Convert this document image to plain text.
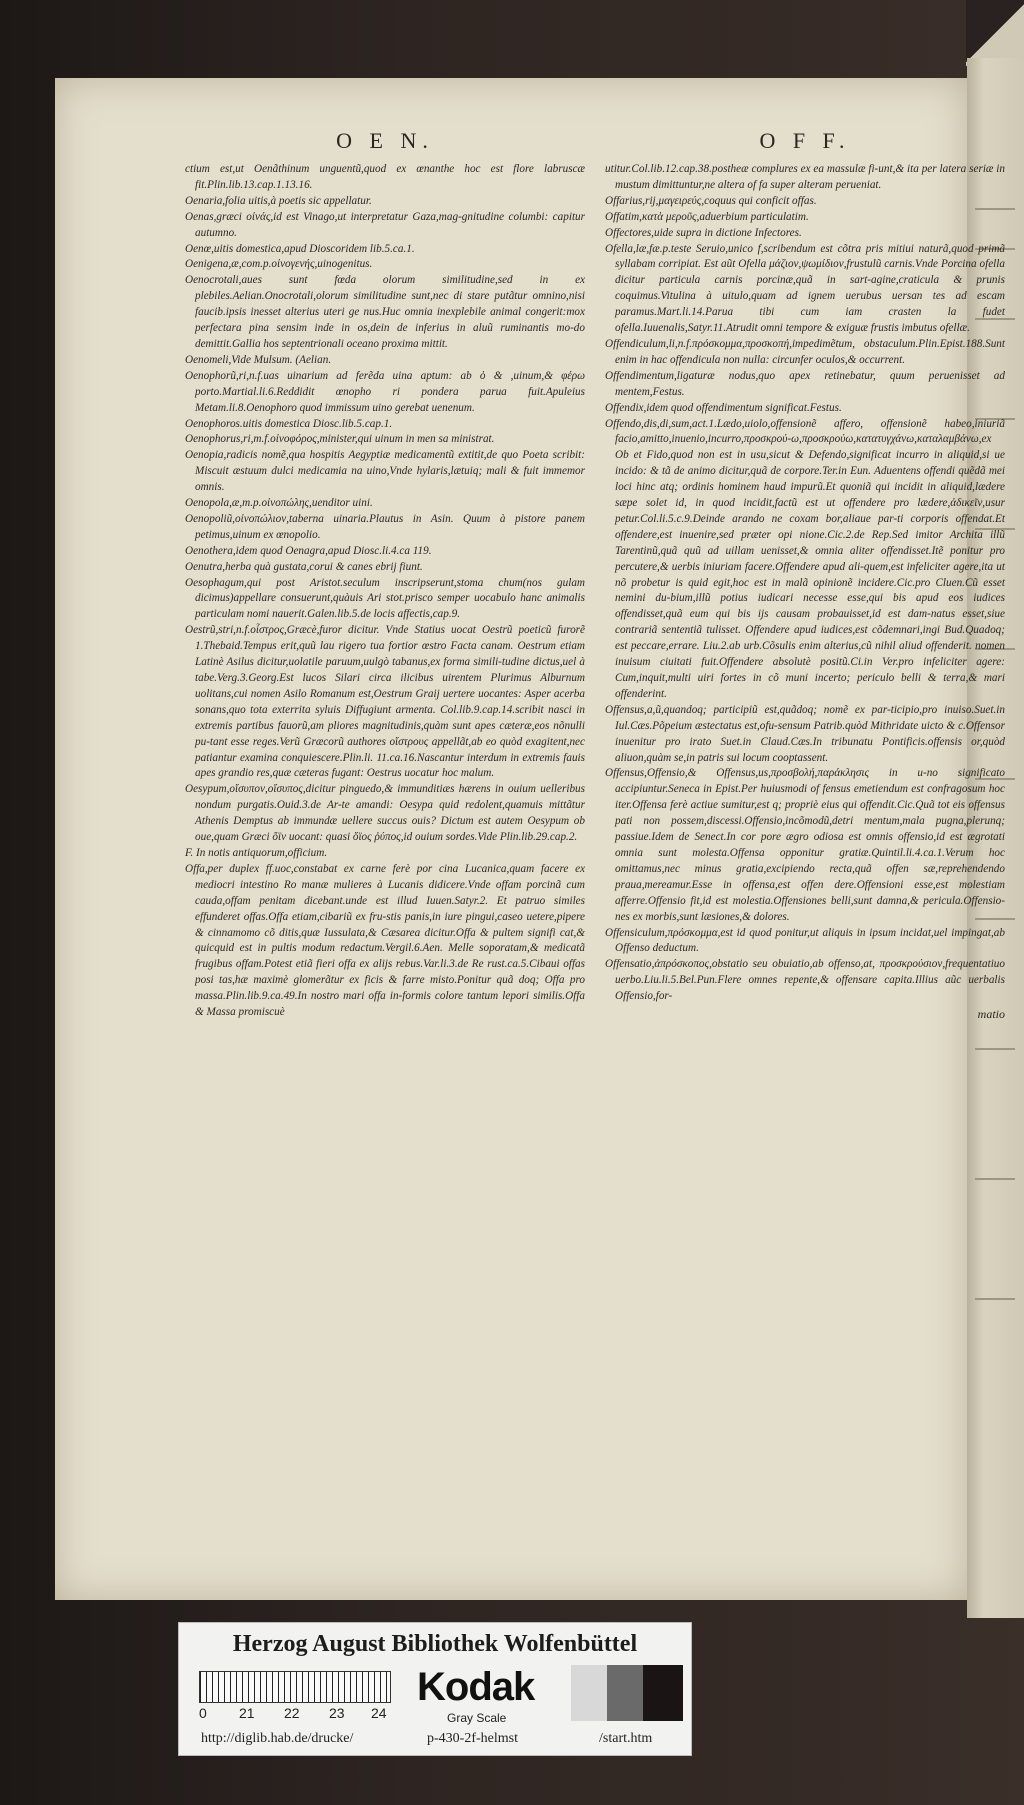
O E N.

ctium est,ut Oenãthinum unguentũ,quod ex œnanthe hoc est flore labruscæ fit.Plin.lib.13.cap.1.13.16.

Oenaria,folia uitis,à poetis sic appellatur.

Oenas,græci οἰνάς,id est Vinago,ut interpretatur Gaza,mag-gnitudine columbi: capitur autumno.

Oenœ,uitis domestica,apud Dioscoridem lib.5.ca.1.

Oenigena,æ,com.p.οἰνογενής,uinogenitus.

Oenocrotali,aues sunt fœda olorum similitudine,sed in ex plebiles.Aelian.Onocrotali,olorum similitudine sunt,nec di stare putãtur omnino,nisi faucib.ipsis inesset alterius uteri ge nus.Huc omnia inexplebile animal congerit:mox perfectara pina sensim inde in os,dein de inferius in aluũ ruminantis mo-do demittit.Gallia hos septentrionali oceano proxima mittit.

Oenomeli,Vide Mulsum. (Aelian.

Oenophorũ,ri,n.f.uas uinarium ad ferẽda uina aptum: ab ὁ & ,uinum,& φέρω porto.Martial.li.6.Reddidit œnopho ri pondera parua fuit.Apuleius Metam.li.8.Oenophoro quod immissum uino gerebat uenenum.

Oenophoros.uitis domestica Diosc.lib.5.cap.1.

Oenophorus,ri,m.f.οἰνοφόρος,minister,qui uinum in men sa ministrat.

Oenopia,radicis nomẽ,qua hospitis Aegyptiæ medicamentũ extitit,de quo Poeta scribit: Miscuit æstuum dulci medicamia na uino,Vnde hylaris,lætuiq; mali & fuit immemor omnis.

Oenopola,æ,m.p.οἰνοπώλης,uenditor uini.

Oenopoliũ,οἰνοπώλιον,taberna uinaria.Plautus in Asin. Quum à pistore panem petimus,uinum ex œnopolio.

Oenothera,idem quod Oenagra,apud Diosc.li.4.ca 119.

Oenutra,herba quà gustata,corui & canes ebrij fiunt.

Oesophagum,qui post Aristot.seculum inscripserunt,stoma chum(nos gulam dicimus)appellare consuerunt,quàuis Ari stot.prisco semper uocabulo hanc animalis particulam nomi nauerit.Galen.lib.5.de locis affectis,cap.9.

Oestrũ,stri,n.f.οἶστρος,Græcè,furor dicitur. Vnde Statius uocat Oestrũ poeticũ furorẽ 1.Thebaid.Tempus erit,quũ lau rigero tua fortior œstro Facta canam. Oestrum etiam Latinè Asilus dicitur,uolatile paruum,uulgò tabanus,ex forma simili-tudine dictus,uel à tabe.Verg.3.Georg.Est lucos Silari circa ilicibus uirentem Plurimus Alburnum uolitans,cui nomen Asilo Romanum est,Oestrum Graij uertere uocantes: Asper acerba sonans,quo tota exterrita syluis Diffugiunt armenta. Col.lib.9.cap.14.scribit nasci in extremis partibus fauorũ,am pliores magnitudinis,quàm sunt apes cæteræ,eos nõnulli pu-tant esse reges.Verũ Græcorũ authores οἴστρους appellãt,ab eo quòd exagitent,nec patiantur examina conquiescere.Plin.li. 11.ca.16.Nascantur interdum in extremis fauis apes grandio res,quæ cæteras fugant: Oestrus uocatur hoc malum.

Oesypum,οἴσυπον,οἴσυπος,dicitur pinguedo,& immunditiæs hærens in ouium uelleribus nondum purgatis.Ouid.3.de Ar-te amandi: Oesypa quid redolent,quamuis mittãtur Athenis Demptus ab immundæ uellere succus ouis? Dictum est autem Oesypum ob oue,quam Græci ὄϊν uocant: quasi ὄϊος ῥύπος,id ouium sordes.Vide Plin.lib.29.cap.2.

F. In notis antiquorum,officium.

Offa,per duplex ff.uoc,constabat ex carne ferè por cina Lucanica,quam facere ex mediocri intestino Ro manæ mulieres à Lucanis didicere.Vnde offam porcinã cum cauda,offam penitam dicebant.unde est illud Iuuen.Satyr.2. Et patruo similes effunderet offas.Offa etiam,cibariũ ex fru-stis panis,in iure pingui,caseo uetere,pipere & cinnamomo cõ ditis,quæ Iussulata,& Cæsarea dicitur.Offa & pultem signifi cat,& quicquid est in pultis modum redactum.Vergil.6.Aen. Melle soporatam,& medicatã frugibus offam.Potest etiã fieri offa ex alijs rebus.Var.li.3.de Re rust.ca.5.Cibaui offas posi tas,hæ maximè glomerãtur ex ficis & farre misto.Ponitur quã doq; Offa pro massa.Plin.lib.9.ca.49.In nostro mari offa in-formis colore tantum lepori similis.Offa & Massa promiscuè

O F F.

utitur.Col.lib.12.cap.38.postheæ complures ex ea massulæ fi-unt,& ita per latera seriæ in mustum dimittuntur,ne altera of fa super alteram perueniat.

Offarius,rij,μαγειρεύς,coquus qui conficit offas.

Offatim,κατὰ μεροῦς,aduerbium particulatim.

Offectores,uide supra in dictione Infectores.

Ofella,læ,fæ.p.teste Seruio,unico f,scribendum est cõtra pris mitiui naturã,quod primã syllabam corripiat. Est aũt Ofella μάζιον,ψωμίδιον,frustulũ carnis.Vnde Porcina ofella dicitur particula carnis porcinæ,quã in sart-agine,craticula & prunis coquimus.Vitulina à uitulo,quam ad ignem uerubus uersan tes ad escam paramus.Mart.li.14.Parua tibi cum iam crasten la fudet ofella.Iuuenalis,Satyr.11.Atrudit omni tempore & exiguæ frustis imbutus ofellæ.

Offendiculum,li,n.f.πρόσκομμα,προσκοπή,impedimẽtum, obstaculum.Plin.Epist.188.Sunt enim in hac offendicula non nulla: circunfer oculos,& occurrent.

Offendimentum,ligaturæ nodus,quo apex retinebatur, quum peruenisset ad mentem,Festus.

Offendix,idem quod offendimentum significat.Festus.

Offendo,dis,di,sum,act.1.Lædo,uiolo,offensionẽ affero, offensionẽ habeo,iniuriã facio,amitto,inuenio,incurro,προσκρού-ω,προσκρούω,κατατυγχάνω,καταλαμβάνω,ex Ob et Fido,quod non est in usu,sicut & Defendo,significat incurro in aliquid,si ue incido: & tã de animo dicitur,quã de corpore.Ter.in Eun. Aduentens offendi quẽdã mei loci hinc atq; ordinis hominem haud impurũ.Et quoniã qui incidit in aliquid,lædere sæpe solet id, in quod incidit,factũ est ut offendere pro lædere,ἀδικεῖν,usur petur.Col.li.5.c.9.Deinde arando ne coxam bor,aliaue par-ti corporis offendat.Et offendere,est inuenire,sed præter opi nione.Cic.2.de Rep.Sed imitor Archita illũ Tarentinũ,quã quũ ad uillam uenisset,& omnia aliter offendisset.Itẽ ponitur pro percutere,& uerbis iniuriam facere.Offendere apud ali-quem,est infeliciter agere,ita ut nõ probetur is quid egit,hoc est in malã opinionẽ incidere.Cic.pro Cluen.Cũ esset nemini du-bium,illũ potius iudicari necesse esse,qui bis apud eos iudices offendisset,quã eum qui bis ijs causam probauisset,id est dam-natus esset,siue contrariã sententiã tulisset. Offendere apud iudices,est cõdemnari,ingi Bud.Quadoq; est peccare,errare. Liu.2.ab urb.Cõsulis enim alterius,cũ nihil aliud offenderit. nomen inuisum ciuitati fuit.Offendere absolutè positũ.Ci.in Ver.pro infeliciter agere: Cum,inquit,multi uiri fortes in cõ muni incerto; periculo belli & terra,& mari offenderint.

Offensus,a,ũ,quandoq; participiũ est,quãdoq; nomẽ ex par-ticipio,pro inuiso.Suet.in Iul.Cæs.Põpeium æstectatus est,ofu-sensum Patrib.quòd Mithridate uicto & c.Offensor inuenitur pro irato Suet.in Claud.Cæs.In tribunatu Pontificis.offensis or,quòd aliuon,quàm se,in patris sui locum cooptassent.

Offensus,Offensio,& Offensus,us,προσβολή,παράκλησις in u-no significato accipiuntur.Seneca in Epist.Per huiusmodi of fensus emetiendum est confragosum hoc iter.Offensa ferè actiue sumitur,est q; propriè eius qui offendit.Cic.Quã tot eis offensus pati non possem,discessi.Offensio,incõmodũ,detri mentum,mala pugna,plerunq; passiue.Idem de Senect.In cor pore ægro odiosa est omnis offensio,id est ægrotati omnia sunt molesta.Offensa opponitur gratiæ.Quintil.li.4.ca.1.Verum hoc omittamus,nec minus gratia,excipiendo recta,quã offen sæ,reprehendendo praua,mereamur.Esse in offensa,est offen dere.Offensioni esse,est molestiam afferre.Offensio fit,id est molestia.Offensiones belli,sunt damna,& pericula.Offensio-nes ex morbis,sunt læsiones,& dolores.

Offensiculum,πρόσκομμα,est id quod ponitur,ut aliquis in ipsum incidat,uel impingat,ab Offenso deductum.

Offensatio,ἀπρόσκοπος,obstatio seu obuiatio,ab offenso,at, προσκρούσιον,frequentatiuo uerbo.Liu.li.5.Bel.Pun.Flere omnes repente,& offensare capita.Illius aũc uerbalis Offensio,for-

matio
Herzog August Bibliothek Wolfenbüttel
0 21 22 23 24
Kodak
Gray Scale
http://diglib.hab.de/drucke/	p-430-2f-helmst	/start.htm
